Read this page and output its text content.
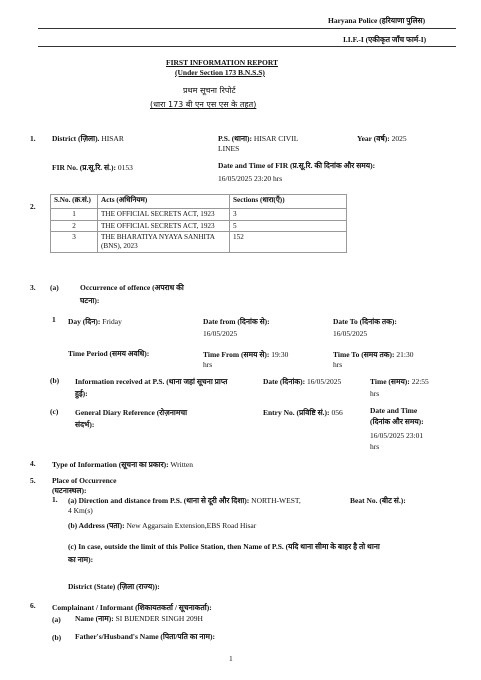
Haryana Police (हरियाणा पुलिस)
I.I.F.-I (एकीकृत जाँच फार्म-I)
FIRST INFORMATION REPORT
(Under Section 173 B.N.S.S)
प्रथम सूचना रिपोर्ट
(धारा 173 बी एन एस एस के तहत)
1. District (ज़िला). HISAR	P.S. (थाना): HISAR CIVIL
LINES
Year (वर्ष): 2025
FIR No. (प्र.सू.रि. सं.): 0153	Date and Time of FIR (प्र.सू.रि. की दिनांक और समय):
16/05/2025 23:20 hrs
2.
S.No. (क्र.सं.)	Acts (अधिनियम)	Sections (धारा(एँ))
1	THE OFFICIAL SECRETS ACT, 1923	3
2	THE OFFICIAL SECRETS ACT, 1923	5
3	THE BHARATIYA NYAYA SANHITA (BNS), 2023	152
3. (a)	Occurrence of offence (अपराध की
घटना):
1 Day (दिन): Friday	Date from (दिनांक से):
16/05/2025
Date To (दिनांक तक):
16/05/2025
Time Period (समय अवधि):	Time From (समय से): 19:30
hrs
Time To (समय तक): 21:30
hrs
(b) Information received at P.S. (थाना जहां सूचना प्राप्त
हुई):
Date (दिनांक): 16/05/2025	Time (समय): 22:55
hrs
(c) General Diary Reference (रोज़नामचा
संदर्भ):
Entry No. (प्रविष्टि सं.): 056	Date and Time
(दिनांक और समय):
16/05/2025 23:01
hrs
4. Type of Information (सूचना का प्रकार): Written
5. Place of Occurrence
(घटनास्थल):
1. (a) Direction and distance from P.S. (थाना से दूरी और दिशा): NORTH-WEST,
4 Km(s)
Beat No. (बीट सं.):
(b) Address (पता): New Aggarsain Extension,EBS Road Hisar
(c) In case, outside the limit of this Police Station, then Name of P.S. (यदि थाना सीमा के बाहर है तो थाना
का नाम):
District (State) (ज़िला (राज्य)):
6. Complainant / Informant (शिकायतकर्ता / सूचनाकर्ता):
(a) Name (नाम): SI BIJENDER SINGH 209H
(b) Father's/Husband's Name (पिता/पति का नाम):
1
